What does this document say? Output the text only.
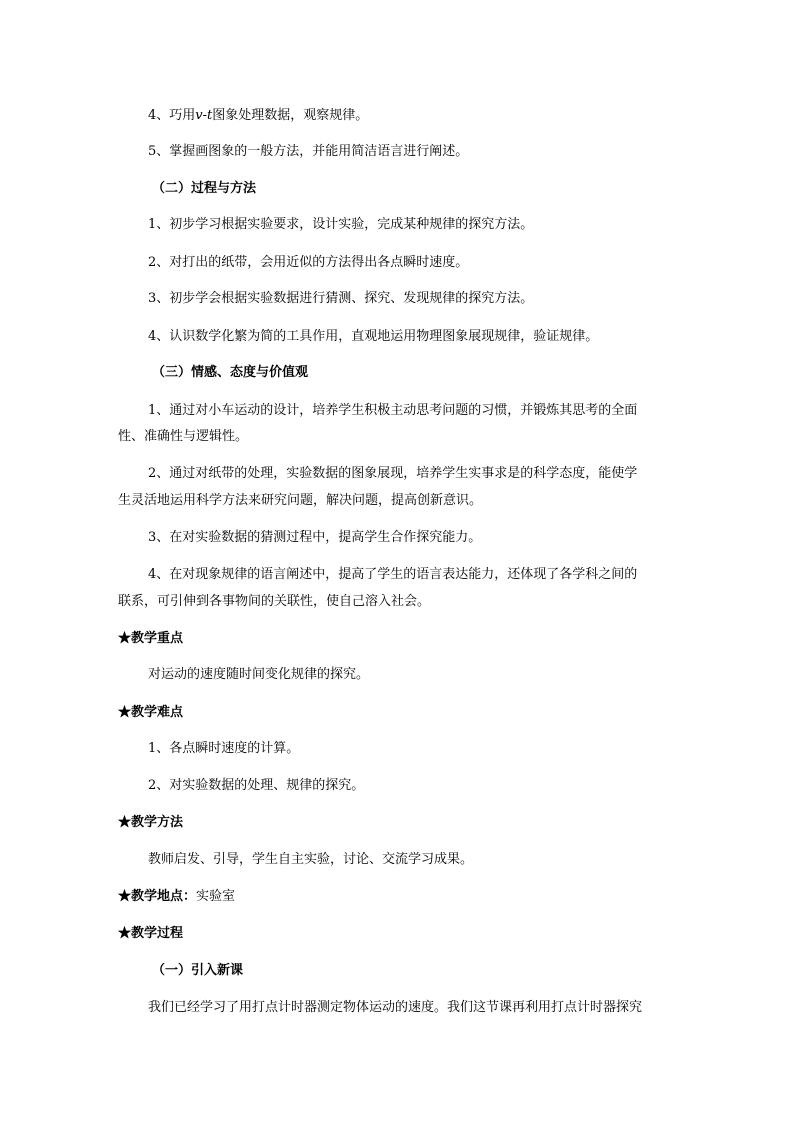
4、巧用v-t图象处理数据，观察规律。
5、掌握画图象的一般方法，并能用简洁语言进行阐述。
（二）过程与方法
1、初步学习根据实验要求，设计实验，完成某种规律的探究方法。
2、对打出的纸带，会用近似的方法得出各点瞬时速度。
3、初步学会根据实验数据进行猜测、探究、发现规律的探究方法。
4、认识数学化繁为简的工具作用，直观地运用物理图象展现规律，验证规律。
（三）情感、态度与价值观
1、通过对小车运动的设计，培养学生积极主动思考问题的习惯，并锻炼其思考的全面
性、准确性与逻辑性。
2、通过对纸带的处理，实验数据的图象展现，培养学生实事求是的科学态度，能使学
生灵活地运用科学方法来研究问题，解决问题，提高创新意识。
3、在对实验数据的猜测过程中，提高学生合作探究能力。
4、在对现象规律的语言阐述中，提高了学生的语言表达能力，还体现了各学科之间的
联系，可引伸到各事物间的关联性，使自己溶入社会。
★教学重点
对运动的速度随时间变化规律的探究。
★教学难点
1、各点瞬时速度的计算。
2、对实验数据的处理、规律的探究。
★教学方法
教师启发、引导，学生自主实验，讨论、交流学习成果。
★教学地点：实验室
★教学过程
（一）引入新课
我们已经学习了用打点计时器测定物体运动的速度。我们这节课再利用打点计时器探究
